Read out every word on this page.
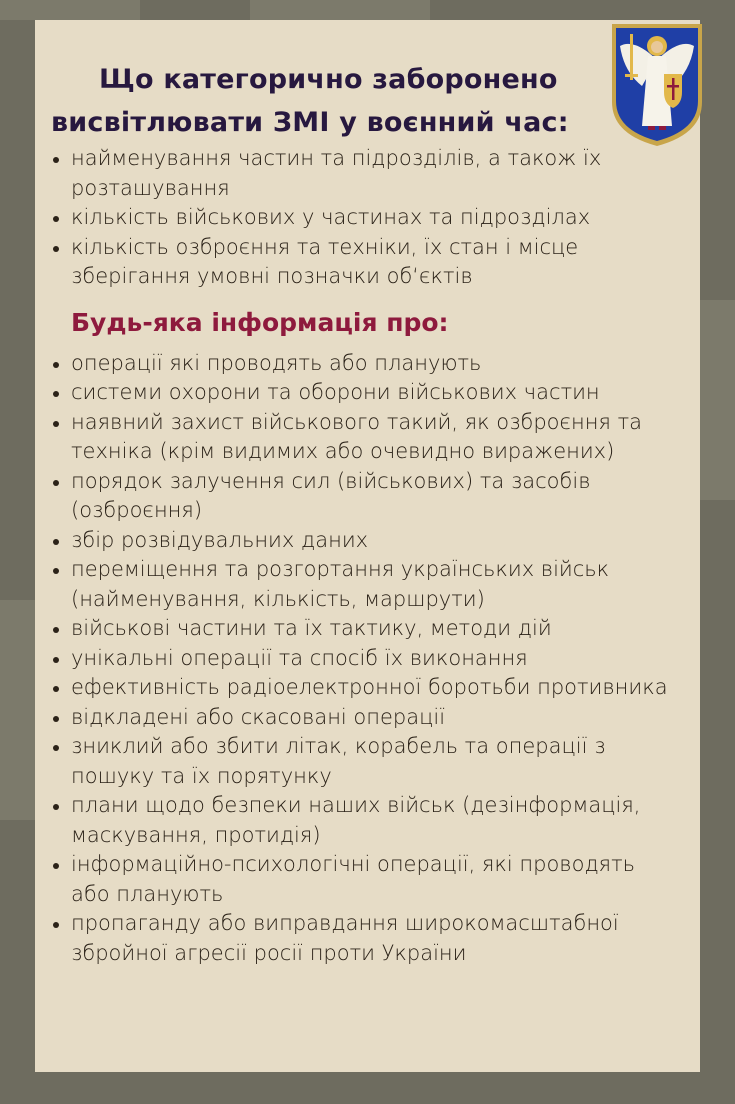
Що категорично заборонено
висвітлювати ЗМІ у воєнний час:
найменування частин та підрозділів, а також їх розташування
кількість військових у частинах та підрозділах
кількість озброєння та техніки, їх стан і місце зберігання умовні позначки об‘єктів
Будь-яка інформація про:
операції які проводять або планують
системи охорони та оборони військових частин
наявний захист військового такий, як озброєння та техніка (крім видимих або очевидно виражених)
порядок залучення сил (військових) та засобів (озброєння)
збір розвідувальних даних
переміщення та розгортання українських військ (найменування, кількість, маршрути)
військові частини та їх тактику, методи дій
унікальні операції та спосіб їх виконання
ефективність радіоелектронної боротьби противника
відкладені або скасовані операції
зниклий або збити літак, корабель та операції з пошуку та їх порятунку
плани щодо безпеки наших військ (дезінформація, маскування, протидія)
інформаційно-психологічні операції, які проводять або планують
пропаганду або виправдання широкомасштабної збройної агресії росії проти України
